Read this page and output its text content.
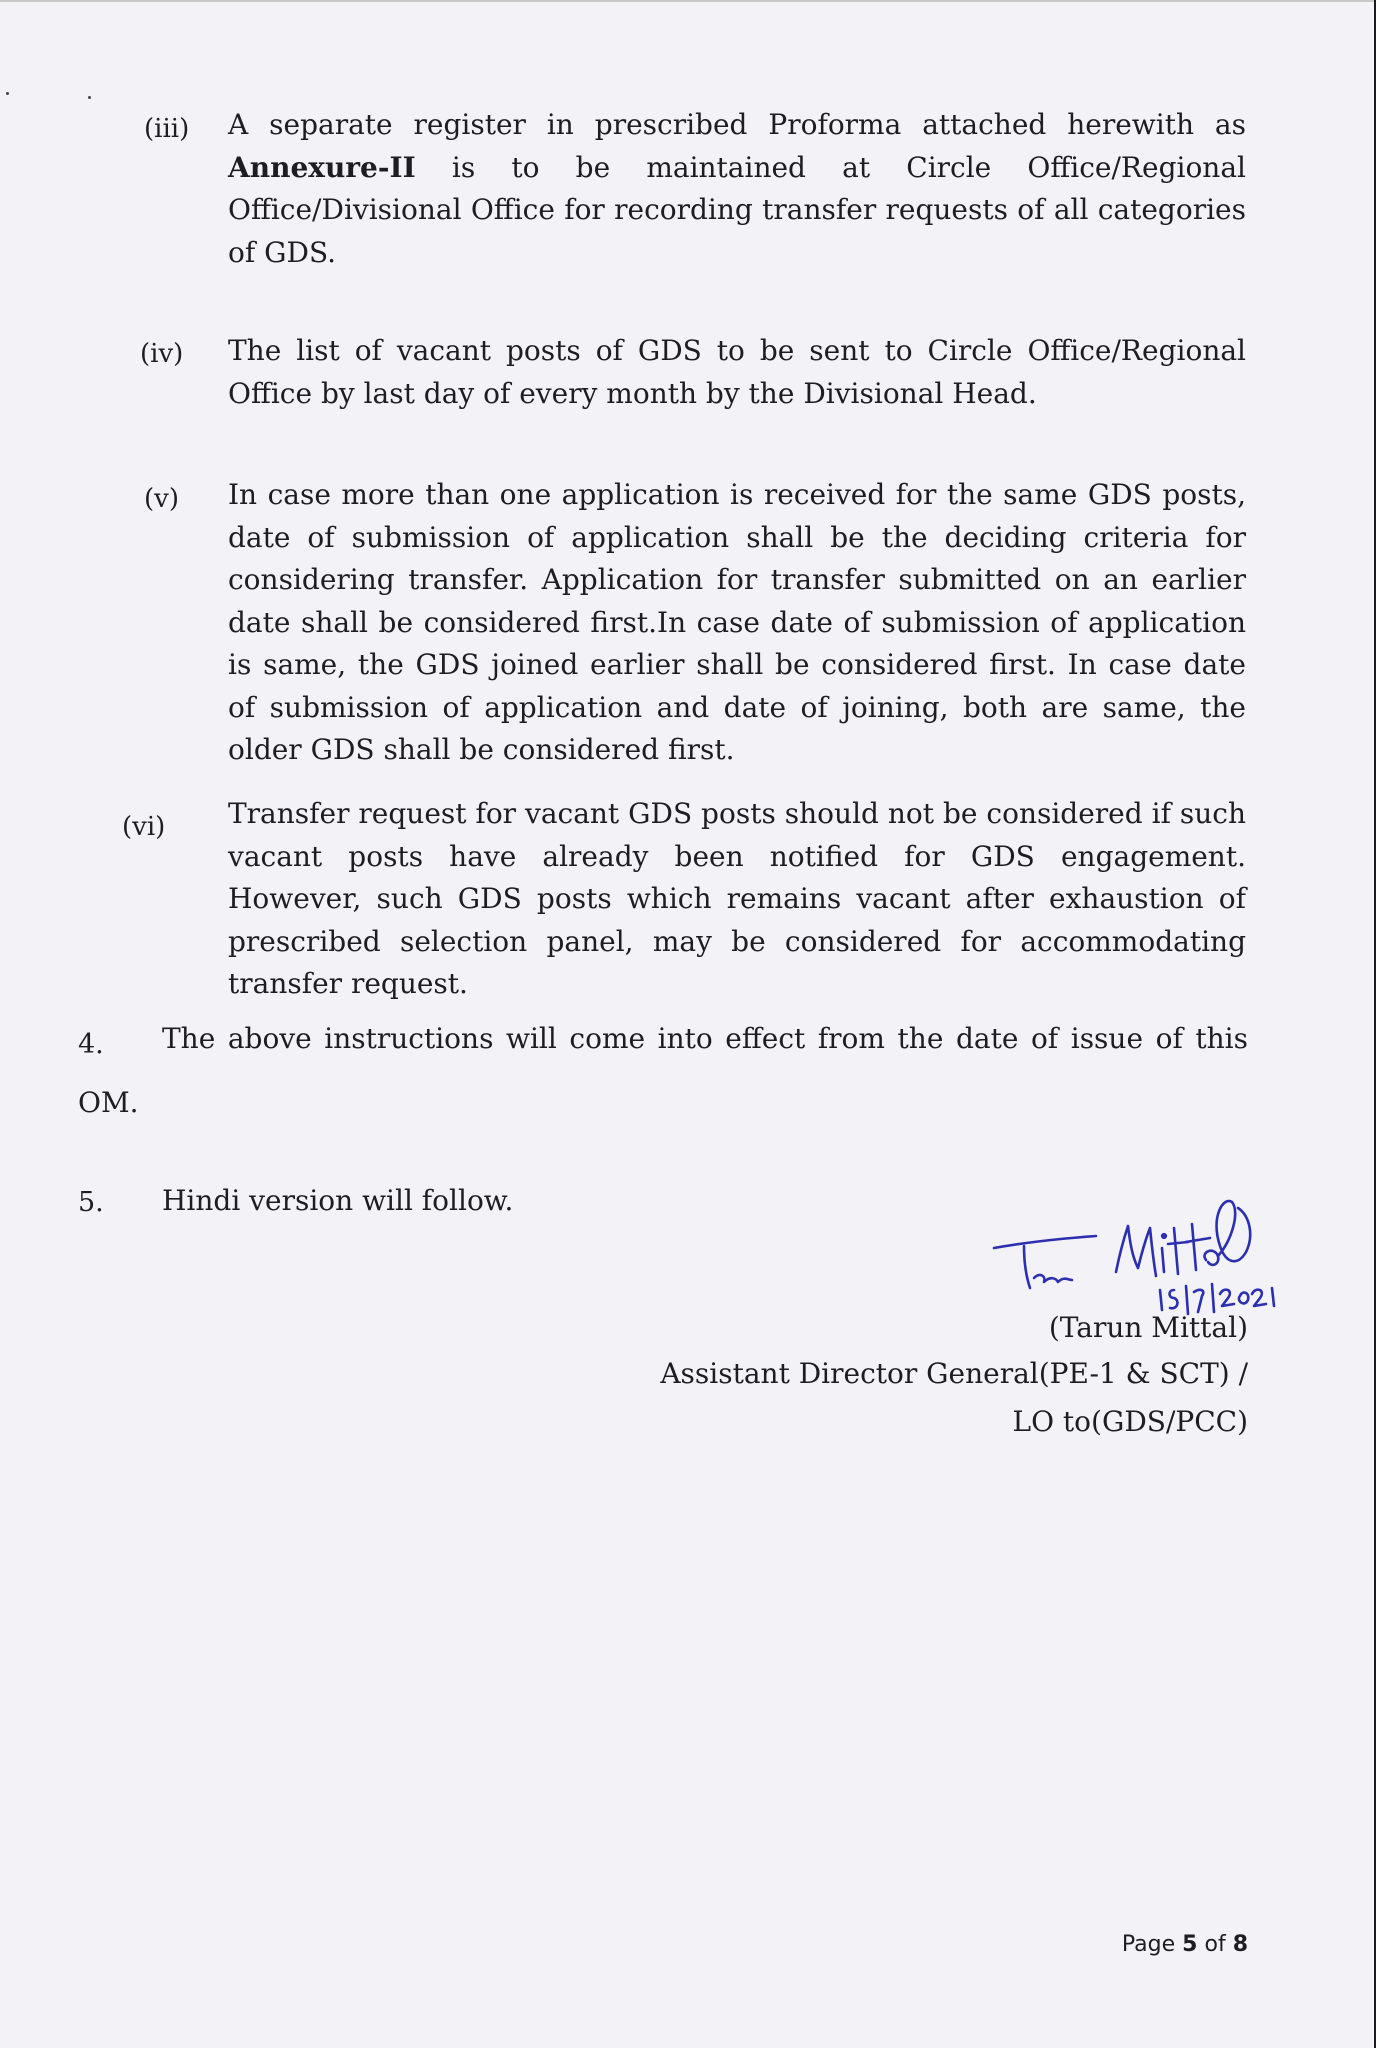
(iii) A separate register in prescribed Proforma attached herewith as Annexure-II is to be maintained at Circle Office/Regional Office/Divisional Office for recording transfer requests of all categories of GDS.
(iv) The list of vacant posts of GDS to be sent to Circle Office/Regional Office by last day of every month by the Divisional Head.
(v) In case more than one application is received for the same GDS posts, date of submission of application shall be the deciding criteria for considering transfer. Application for transfer submitted on an earlier date shall be considered first.In case date of submission of application is same, the GDS joined earlier shall be considered first. In case date of submission of application and date of joining, both are same, the older GDS shall be considered first.
(vi) Transfer request for vacant GDS posts should not be considered if such vacant posts have already been notified for GDS engagement. However, such GDS posts which remains vacant after exhaustion of prescribed selection panel, may be considered for accommodating transfer request.
4. The above instructions will come into effect from the date of issue of this
OM.
5. Hindi version will follow.
(Tarun Mittal)
Assistant Director General(PE-1 & SCT) /
LO to(GDS/PCC)
Page 5 of 8
